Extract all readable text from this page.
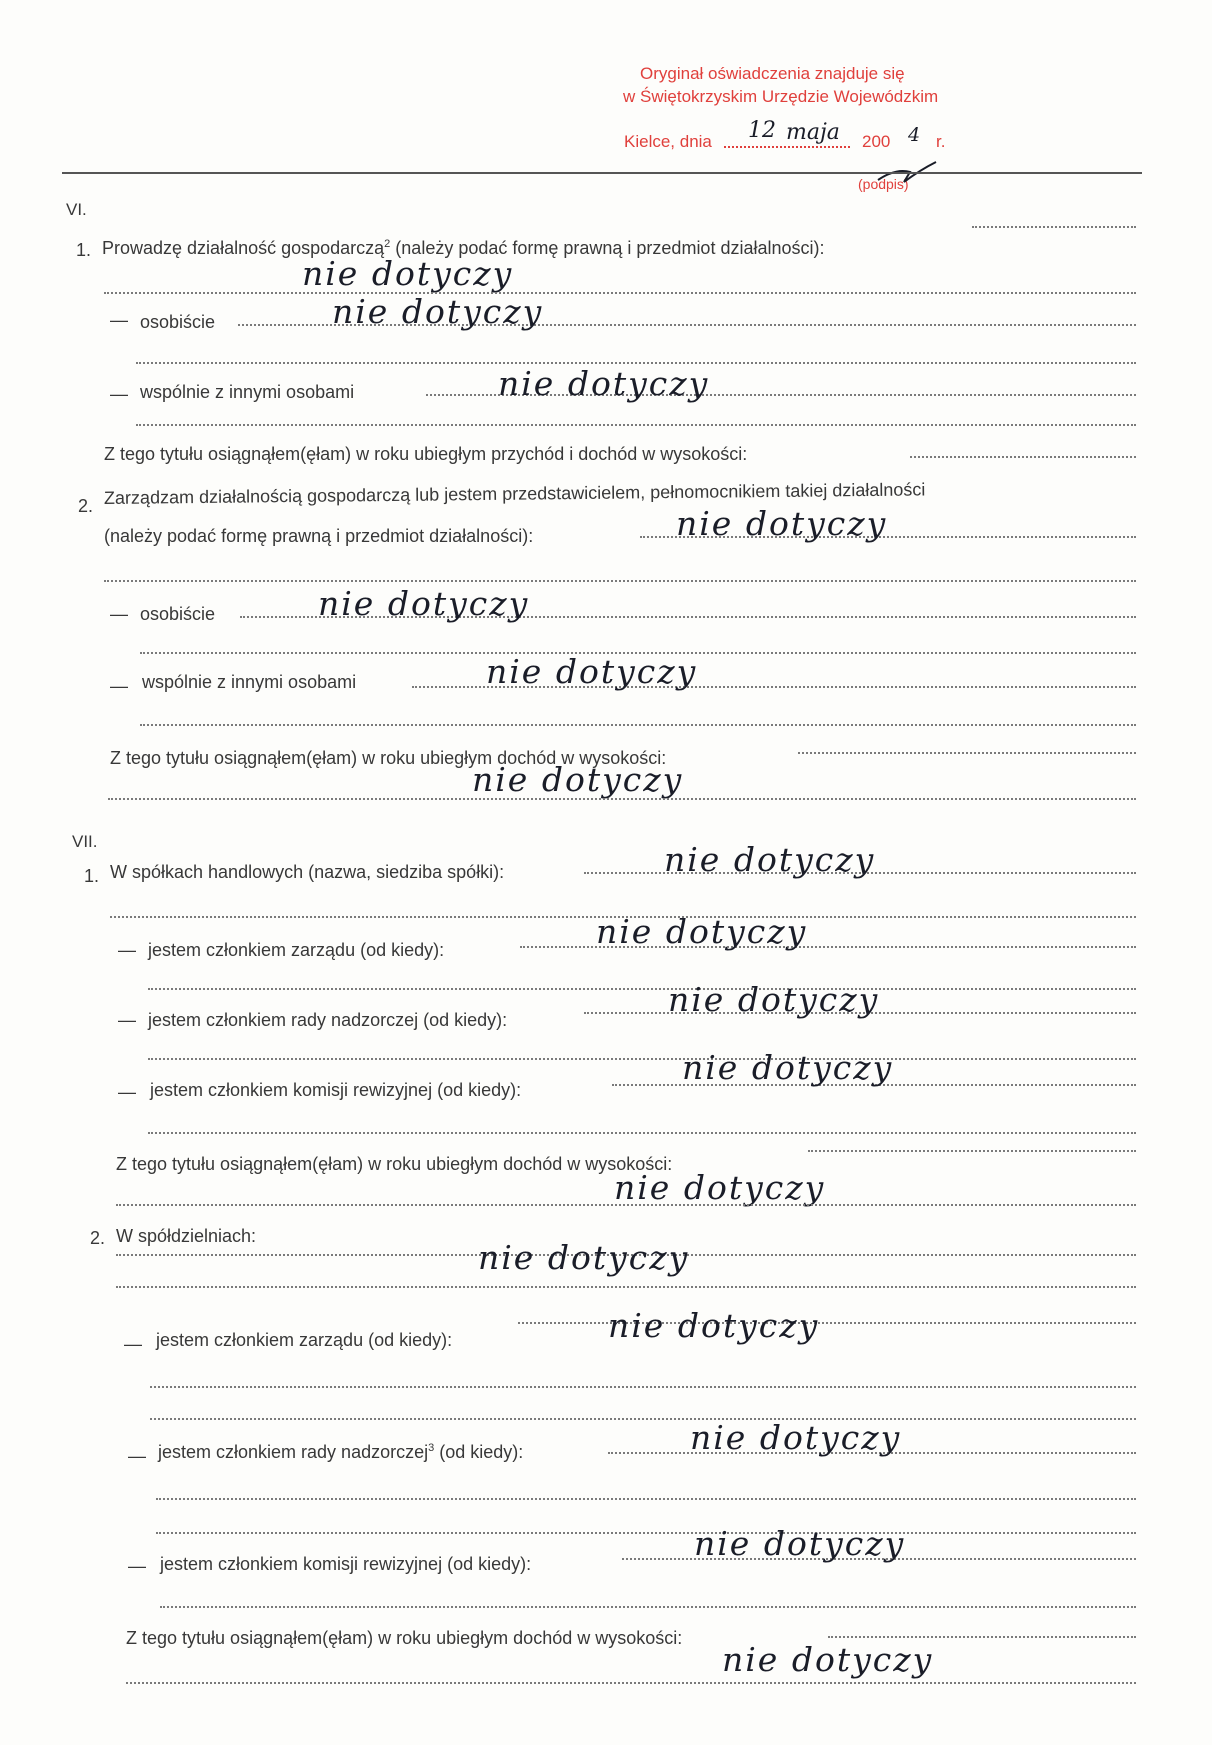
Oryginał oświadczenia znajduje się
w Świętokrzyskim Urzędzie Wojewódzkim
Kielce, dnia 12 maja 200 4 r.
(podpis)
VI.
1. Prowadzę działalność gospodarczą$^2$ (należy podać formę prawną i przedmiot działalności):
nie dotyczy
— osobiście	nie dotyczy
— wspólnie z innymi osobami	nie dotyczy
Z tego tytułu osiągnąłem(ęłam) w roku ubiegłym przychód i dochód w wysokości:
2. Zarządzam działalnością gospodarczą lub jestem przedstawicielem, pełnomocnikiem takiej działalności
(należy podać formę prawną i przedmiot działalności):	nie dotyczy
— osobiście	nie dotyczy
— wspólnie z innymi osobami	nie dotyczy
Z tego tytułu osiągnąłem(ęłam) w roku ubiegłym dochód w wysokości:
nie dotyczy
VII.
1. W spółkach handlowych (nazwa, siedziba spółki):	nie dotyczy
— jestem członkiem zarządu (od kiedy):	nie dotyczy
— jestem członkiem rady nadzorczej (od kiedy):
nie dotyczy
— jestem członkiem komisji rewizyjnej (od kiedy):
nie dotyczy
Z tego tytułu osiągnąłem(ęłam) w roku ubiegłym dochód w wysokości:
nie dotyczy
2. W spółdzielniach:
nie dotyczy
— jestem członkiem zarządu (od kiedy):	nie dotyczy
— jestem członkiem rady nadzorczej$^3$ (od kiedy):	nie dotyczy
— jestem członkiem komisji rewizyjnej (od kiedy):
nie dotyczy
Z tego tytułu osiągnąłem(ęłam) w roku ubiegłym dochód w wysokości:
nie dotyczy
